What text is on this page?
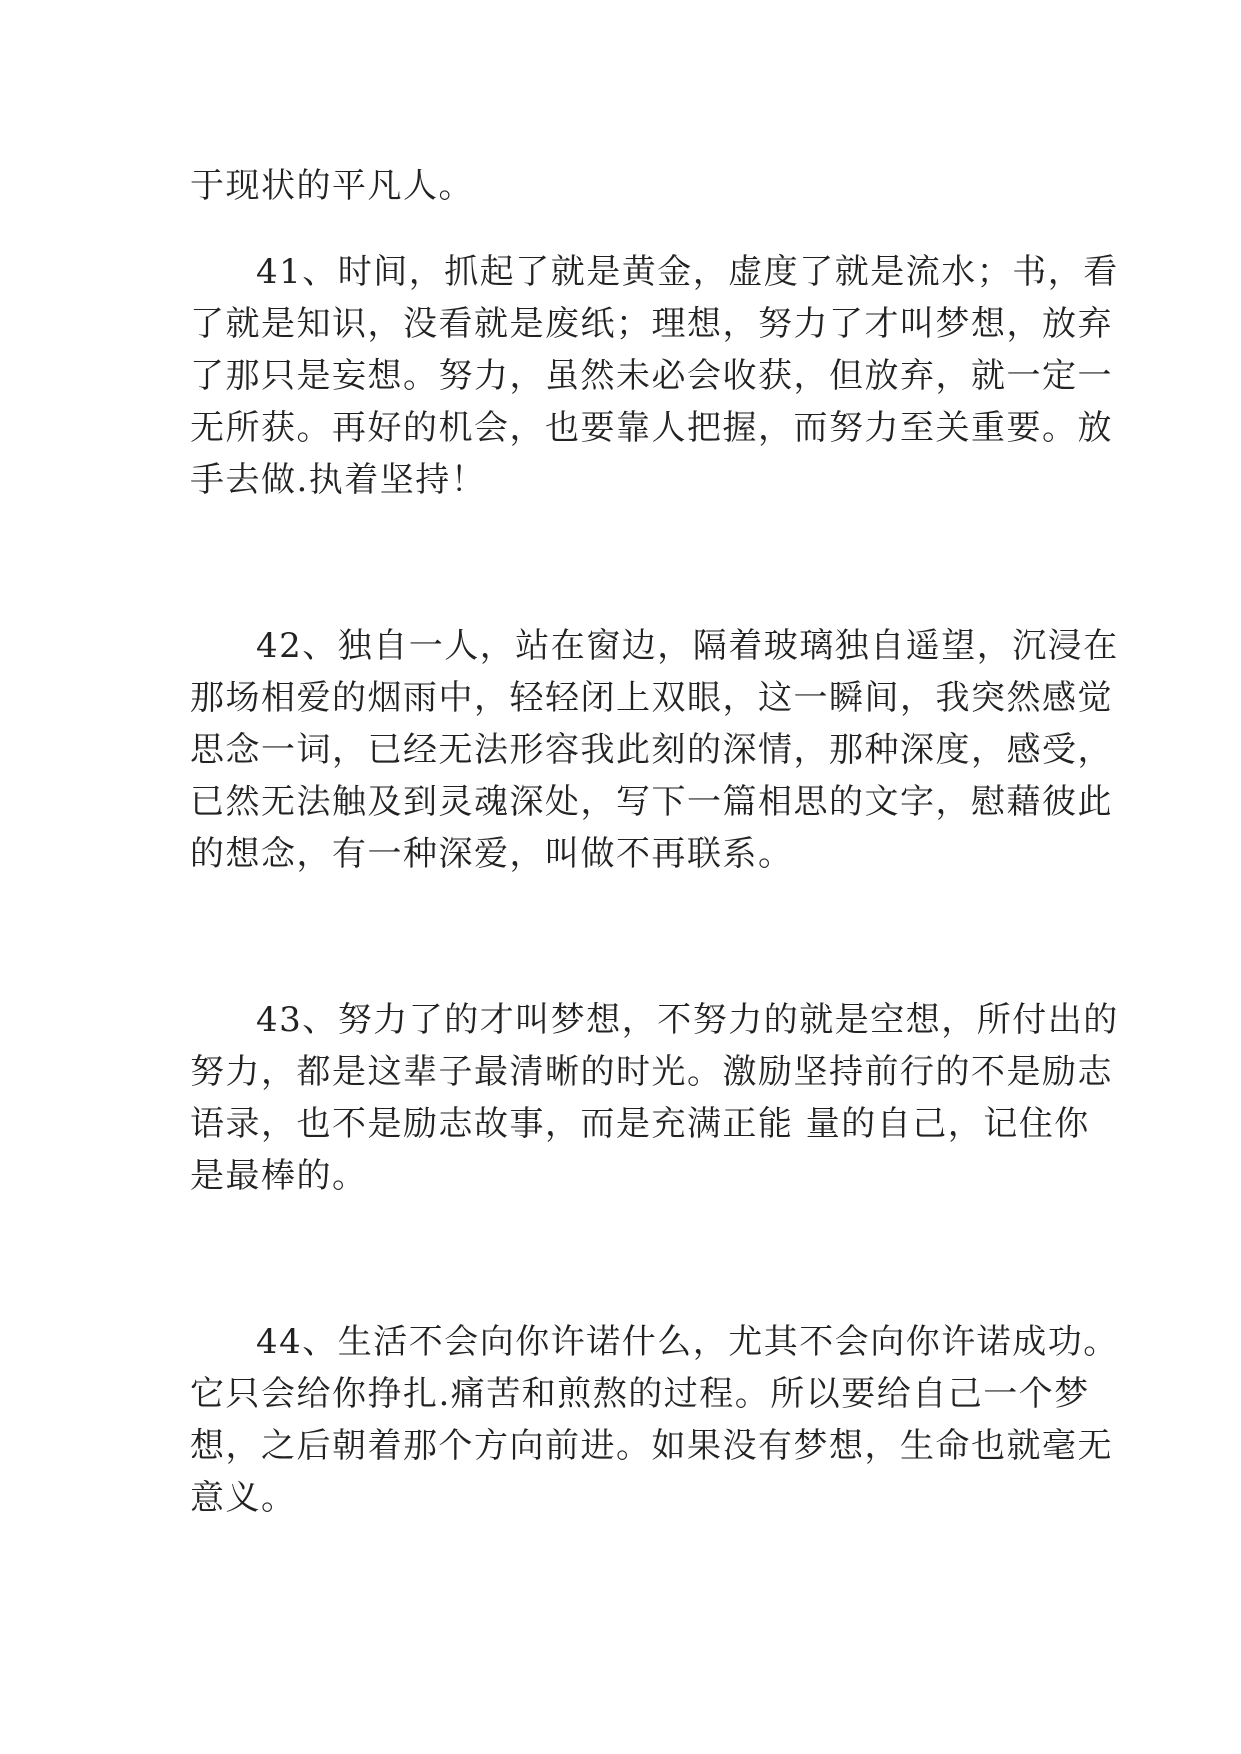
于现状的平凡人。
41、时间，抓起了就是黄金，虚度了就是流水；书，看
了就是知识，没看就是废纸；理想，努力了才叫梦想，放弃
了那只是妄想。努力，虽然未必会收获，但放弃，就一定一
无所获。再好的机会，也要靠人把握，而努力至关重要。放
手去做.执着坚持！
42、独自一人，站在窗边，隔着玻璃独自遥望，沉浸在
那场相爱的烟雨中，轻轻闭上双眼，这一瞬间，我突然感觉
思念一词，已经无法形容我此刻的深情，那种深度，感受，
已然无法触及到灵魂深处，写下一篇相思的文字，慰藉彼此
的想念，有一种深爱，叫做不再联系。
43、努力了的才叫梦想，不努力的就是空想，所付出的
努力，都是这辈子最清晰的时光。激励坚持前行的不是励志
语录，也不是励志故事，而是充满正能 量的自己，记住你
是最棒的。
44、生活不会向你许诺什么，尤其不会向你许诺成功。
它只会给你挣扎.痛苦和煎熬的过程。所以要给自己一个梦
想，之后朝着那个方向前进。如果没有梦想，生命也就毫无
意义。
